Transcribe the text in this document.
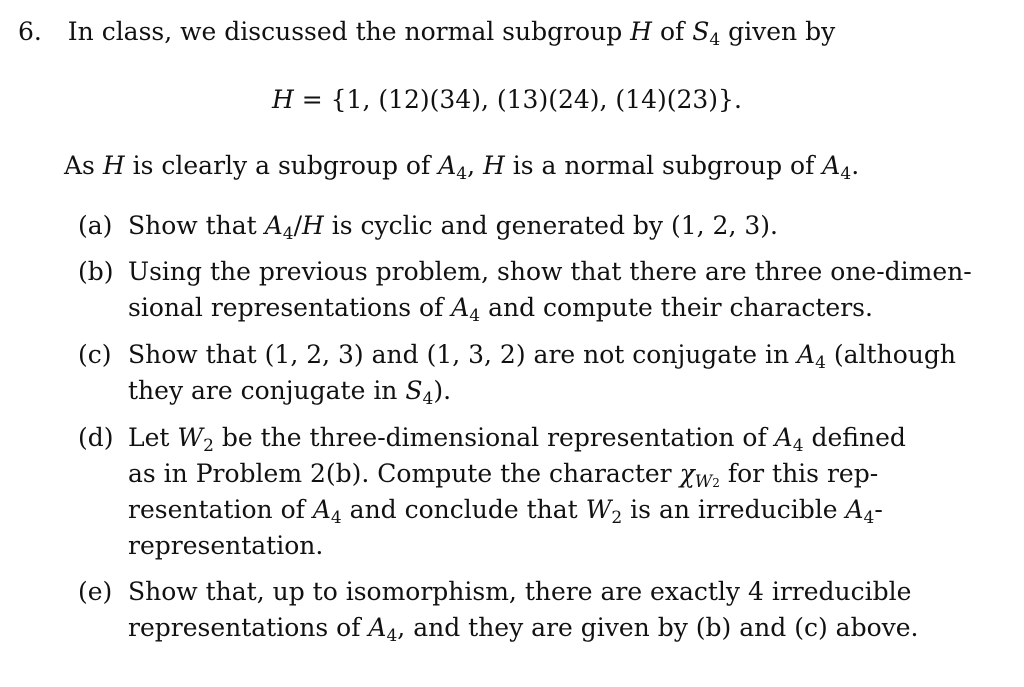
6. In class, we discussed the normal subgroup H of $S_4$ given by
H = {1, (12)(34), (13)(24), (14)(23)}.
As H is clearly a subgroup of $A_4$, H is a normal subgroup of $A_4$.
(a) Show that $A_4/H$ is cyclic and generated by (1, 2, 3).
(b) Using the previous problem, show that there are three one-dimen-
sional representations of $A_4$ and compute their characters.
(c) Show that (1, 2, 3) and (1, 3, 2) are not conjugate in $A_4$ (although
they are conjugate in $S_4$).
(d) Let $W_2$ be the three-dimensional representation of $A_4$ defined
as in Problem 2(b). Compute the character $\chi_{W2}$ for this rep-
resentation of $A_4$ and conclude that $W_2$ is an irreducible $A_4-$
representation.
(e) Show that, up to isomorphism, there are exactly 4 irreducible
representations of $A_4$, and they are given by (b) and (c) above.
